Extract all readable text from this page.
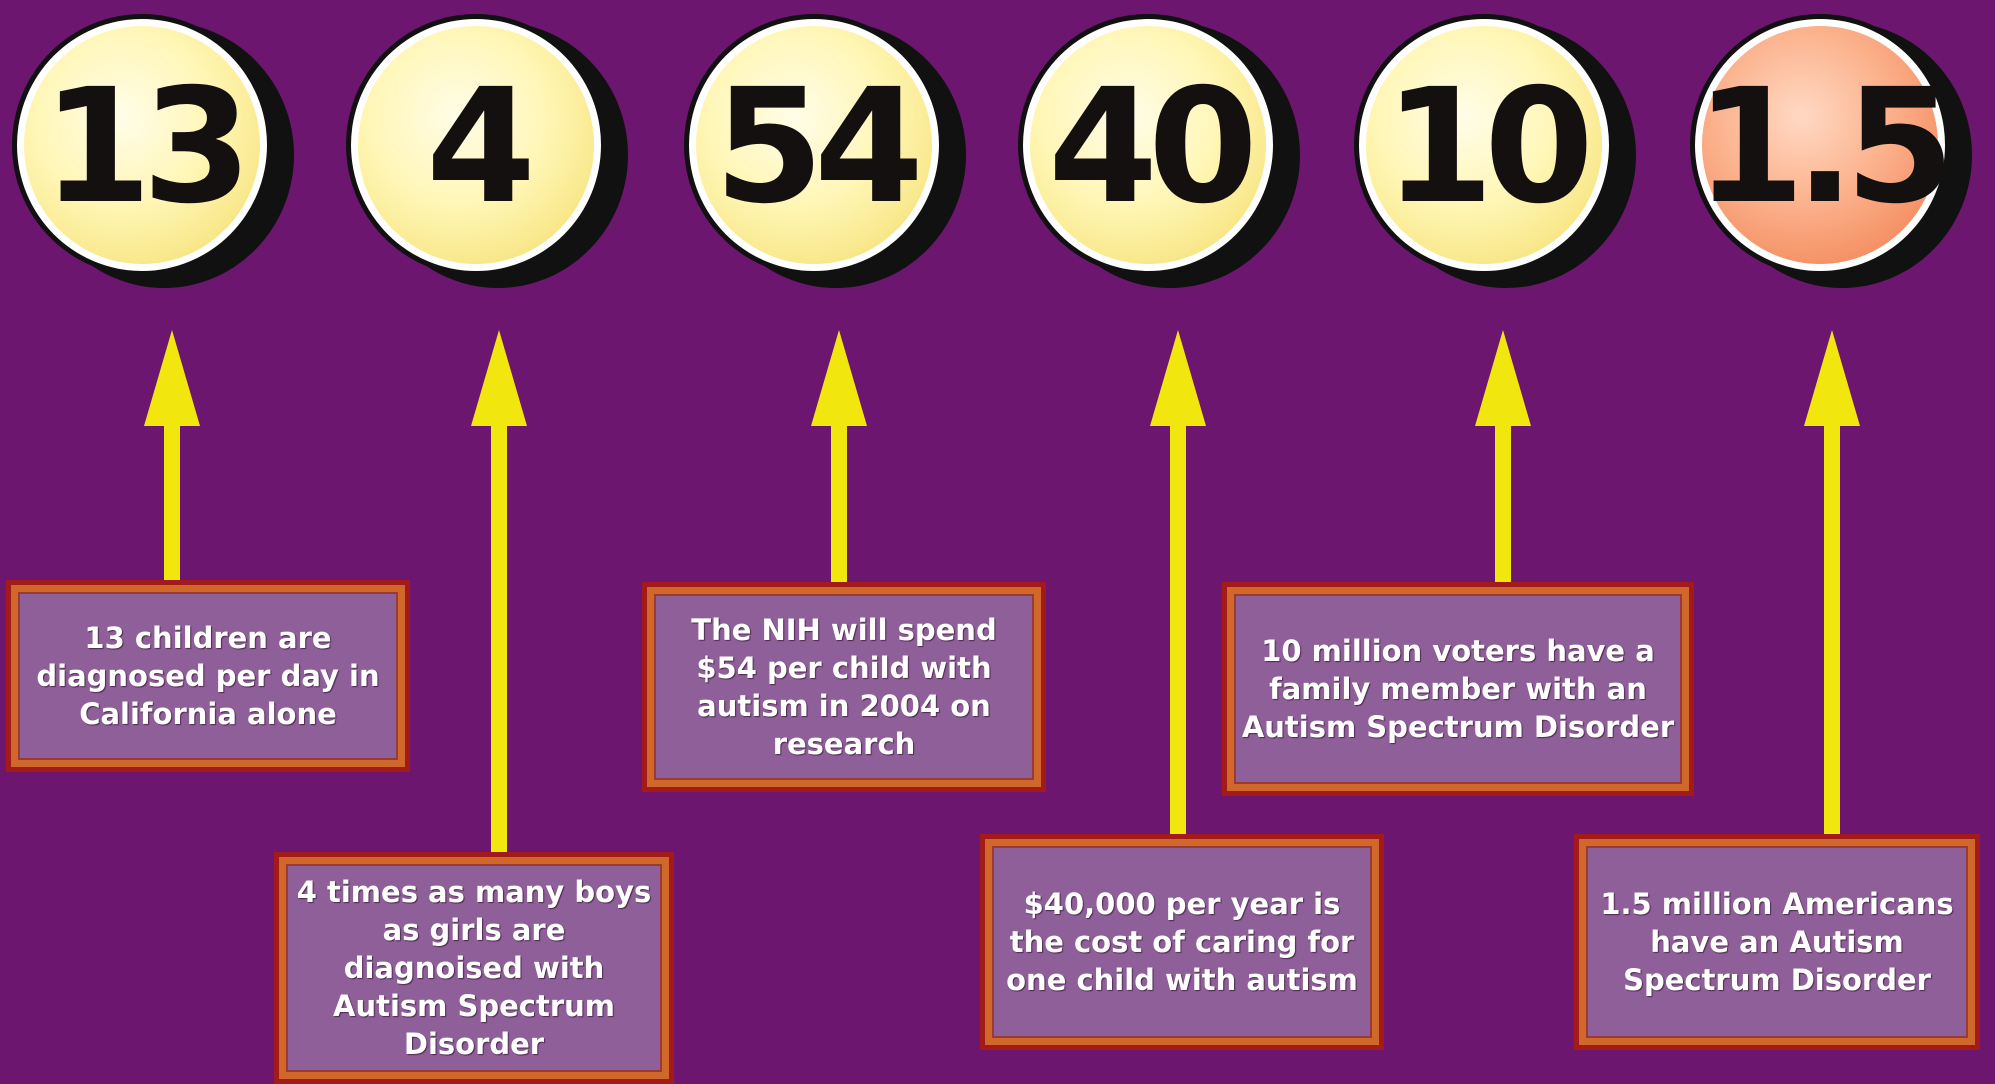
13 4 54 40 10 1.5
13 children are diagnosed per day in California alone
4 times as many boys as girls are diagnoised with Autism Spectrum Disorder
The NIH will spend $54 per child with autism in 2004 on research
$40,000 per year is the cost of caring for one child with autism
10 million voters have a family member with an Autism Spectrum Disorder
1.5 million Americans have an Autism Spectrum Disorder
